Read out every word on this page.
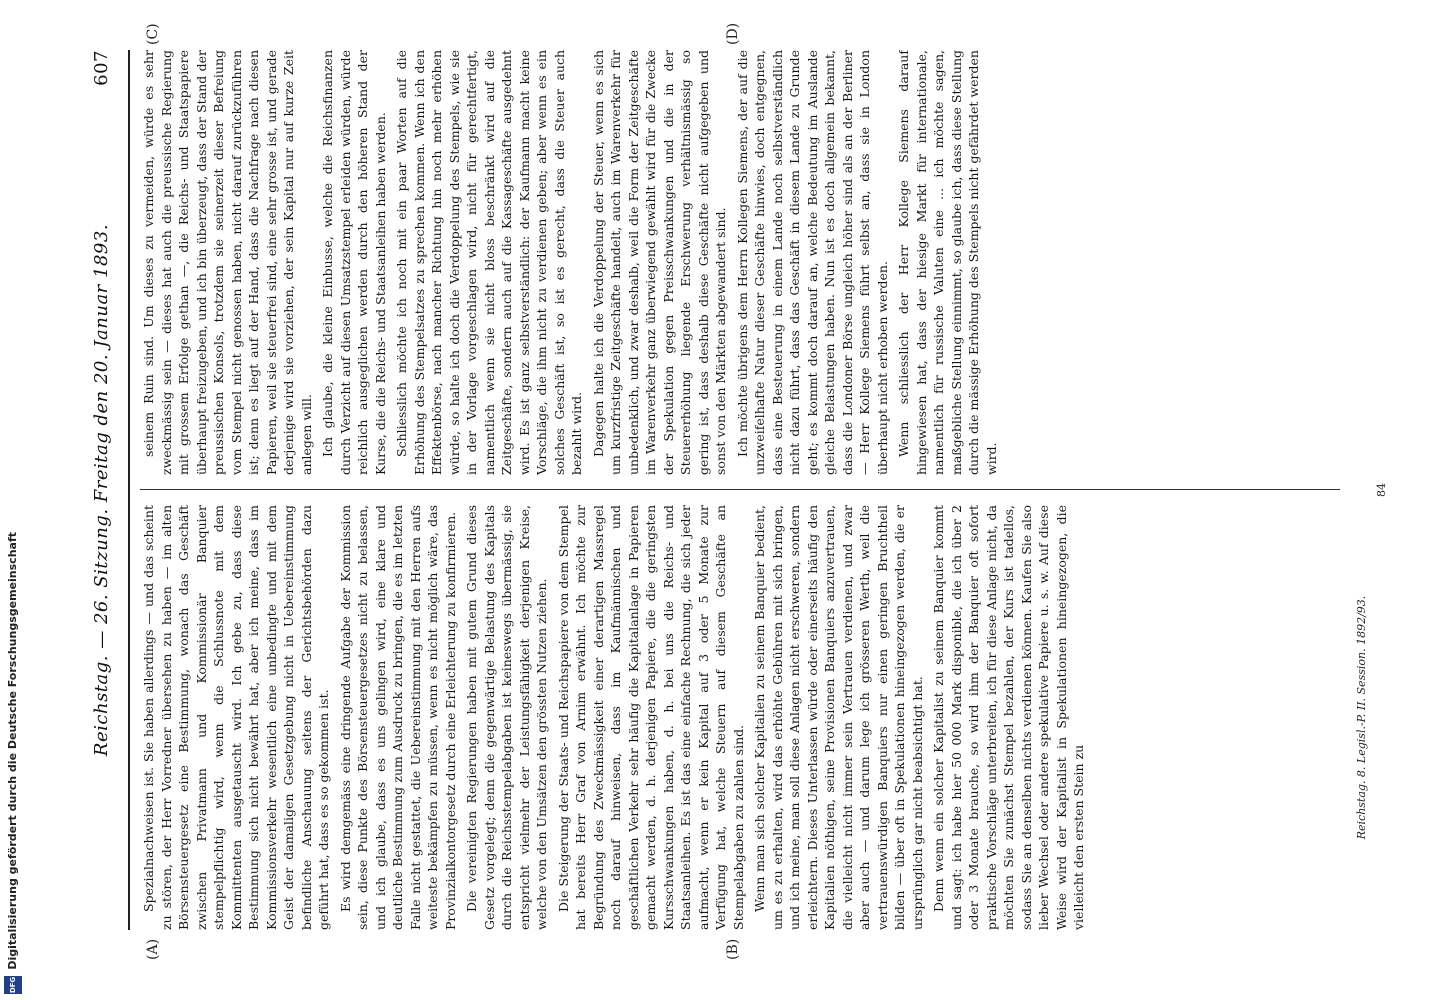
Reichstag. — 26. Sitzung. Freitag den 20. Januar 1893.
607
(A)	(B)
(C)	(D)

Spezialnachweisen ist. Sie haben allerdings — und das scheint zu stören, der Herr Vorredner übersehen zu haben — im alten Börsensteuergesetz eine Bestimmung, wonach das Geschäft zwischen Privatmann und Kommissionär Banquier stempelpflichtig wird, wenn die Schlussnote mit dem Kommittenten ausgetauscht wird. Ich gebe zu, dass diese Bestimmung sich nicht bewährt hat, aber ich meine, dass im Kommissionsverkehr wesentlich eine unbedingte und mit dem Geist der damaligen Gesetzgebung nicht in Uebereinstimmung befindliche Anschauung seitens der Gerichtsbehörden dazu geführt hat, dass es so gekommen ist. Es wird demgemäss eine dringende Aufgabe der Kommission sein, diese Punkte des Börsensteuergesetzes nicht zu belassen, und ich glaube, dass es uns gelingen wird, eine klare und deutliche Bestimmung zum Ausdruck zu bringen, die es im letzten Falle nicht gestattet, die Uebereinstimmung mit den Herren aufs weiteste bekämpfen zu müssen, wenn es nicht möglich wäre, das Provinzialkontorgesetz durch eine Erleichterung zu konfirmieren. Die vereinigten Regierungen haben mit gutem Grund dieses Gesetz vorgelegt; denn die gegenwärtige Belastung des Kapitals durch die Reichsstempelabgaben ist keineswegs übermässig, sie entspricht vielmehr der Leistungsfähigkeit derjenigen Kreise, welche von den Umsätzen den grössten Nutzen ziehen. Die Steigerung der Staats- und Reichspapiere von dem Stempel hat bereits Herr Graf von Arnim erwähnt. Ich möchte zur Begründung des Zweckmässigkeit einer derartigen Massregel noch darauf hinweisen, dass im Kaufmännischen und geschäftlichen Verkehr sehr häufig die Kapitalanlage in Papieren gemacht werden, d. h. derjenigen Papiere, die die geringsten Kursschwankungen haben, d. h. bei uns die Reichs- und Staatsanleihen. Es ist das eine einfache Rechnung, die sich jeder aufmacht, wenn er kein Kapital auf 3 oder 5 Monate zur Verfügung hat, welche Steuern auf diesem Geschäfte an Stempelabgaben zu zahlen sind. Wenn man sich solcher Kapitalien zu seinem Banquier bedient, um es zu erhalten, wird das erhöhte Gebühren mit sich bringen, und ich meine, man soll diese Anlagen nicht erschweren, sondern erleichtern. Dieses Unterlassen würde oder einerseits häufig den Kapitalien nöthigen, seine Provisionen Banquiers anzuvertrauen, die vielleicht nicht immer sein Vertrauen verdienen, und zwar aber auch — und darum lege ich grösseren Werth, weil die vertrauenswürdigen Banquiers nur einen geringen Bruchtheil bilden — über oft in Spekulationen hineingezogen werden, die er ursprünglich gar nicht beabsichtigt hat. Denn wenn ein solcher Kapitalist zu seinem Banquier kommt und sagt: ich habe hier 50 000 Mark disponible, die ich über 2 oder 3 Monate brauche, so wird ihm der Banquier oft sofort praktische Vorschläge unterbreiten, ich für diese Anlage nicht, da möchten Sie zunächst Stempel bezahlen, der Kurs ist tadellos, sodass Sie an denselben nichts verdienen können. Kaufen Sie also lieber Wechsel oder andere spekulative Papiere u. s. w. Auf diese Weise wird der Kapitalist in Spekulationen hineingezogen, die vielleicht den ersten Stein zu

seinem Ruin sind. Um dieses zu vermeiden, würde es sehr zweckmässig sein — dieses hat auch die preussische Regierung mit grossem Erfolge gethan —, die Reichs- und Staatspapiere überhaupt freizugeben, und ich bin überzeugt, dass der Stand der preussischen Konsols, trotzdem sie seinerzeit dieser Befreiung vom Stempel nicht genossen haben, nicht darauf zurückzuführen ist; denn es liegt auf der Hand, dass die Nachfrage nach diesen Papieren, weil sie steuerfrei sind, eine sehr grosse ist, und gerade derjenige wird sie vorziehen, der sein Kapital nur auf kurze Zeit anlegen will. Ich glaube, die kleine Einbusse, welche die Reichsfinanzen durch Verzicht auf diesen Umsatzstempel erleiden würden, würde reichlich ausgeglichen werden durch den höheren Stand der Kurse, die die Reichs- und Staatsanleihen haben werden. Schliesslich möchte ich noch mit ein paar Worten auf die Erhöhung des Stempelsatzes zu sprechen kommen. Wenn ich den Effektenbörse, nach mancher Richtung hin noch mehr erhöhen würde, so halte ich doch die Verdoppelung des Stempels, wie sie in der Vorlage vorgeschlagen wird, nicht für gerechtfertigt, namentlich wenn sie nicht bloss beschränkt wird auf die Zeitgeschäfte, sondern auch auf die Kassageschäfte ausgedehnt wird. Es ist ganz selbstverständlich: der Kaufmann macht keine Vorschläge, die ihm nicht zu verdienen geben; aber wenn es ein solches Geschäft ist, so ist es gerecht, dass die Steuer auch bezahlt wird. Dagegen halte ich die Verdoppelung der Steuer, wenn es sich um kurzfristige Zeitgeschäfte handelt, auch im Warenverkehr für unbedenklich, und zwar deshalb, weil die Form der Zeitgeschäfte im Warenverkehr ganz überwiegend gewählt wird für die Zwecke der Spekulation gegen Preisschwankungen und die in der Steuererhöhung liegende Erschwerung verhältnismässig so gering ist, dass deshalb diese Geschäfte nicht aufgegeben und sonst von den Märkten abgewandert sind. Ich möchte übrigens dem Herrn Kollegen Siemens, der auf die unzweifelhafte Natur dieser Geschäfte hinwies, doch entgegnen, dass eine Besteuerung in einem Lande noch selbstverständlich nicht dazu führt, dass das Geschäft in diesem Lande zu Grunde geht; es kommt doch darauf an, welche Bedeutung im Auslande gleiche Belastungen haben. Nun ist es doch allgemein bekannt, dass die Londoner Börse ungleich höher sind als an der Berliner — Herr Kollege Siemens führt selbst an, dass sie in London überhaupt nicht erhoben werden. Wenn schliesslich der Herr Kollege Siemens darauf hingewiesen hat, dass der hiesige Markt für internationale, namentlich für russische Valuten eine ... ich möchte sagen, maßgebliche Stellung einnimmt, so glaube ich, dass diese Stellung durch die mässige Erhöhung des Stempels nicht gefährdet werden wird.

Reichstag. 8. Legisl.-P. II. Session. 1892/93.
84
Digitalisierung gefördert durch die Deutsche Forschungsgemeinschaft
DFG
